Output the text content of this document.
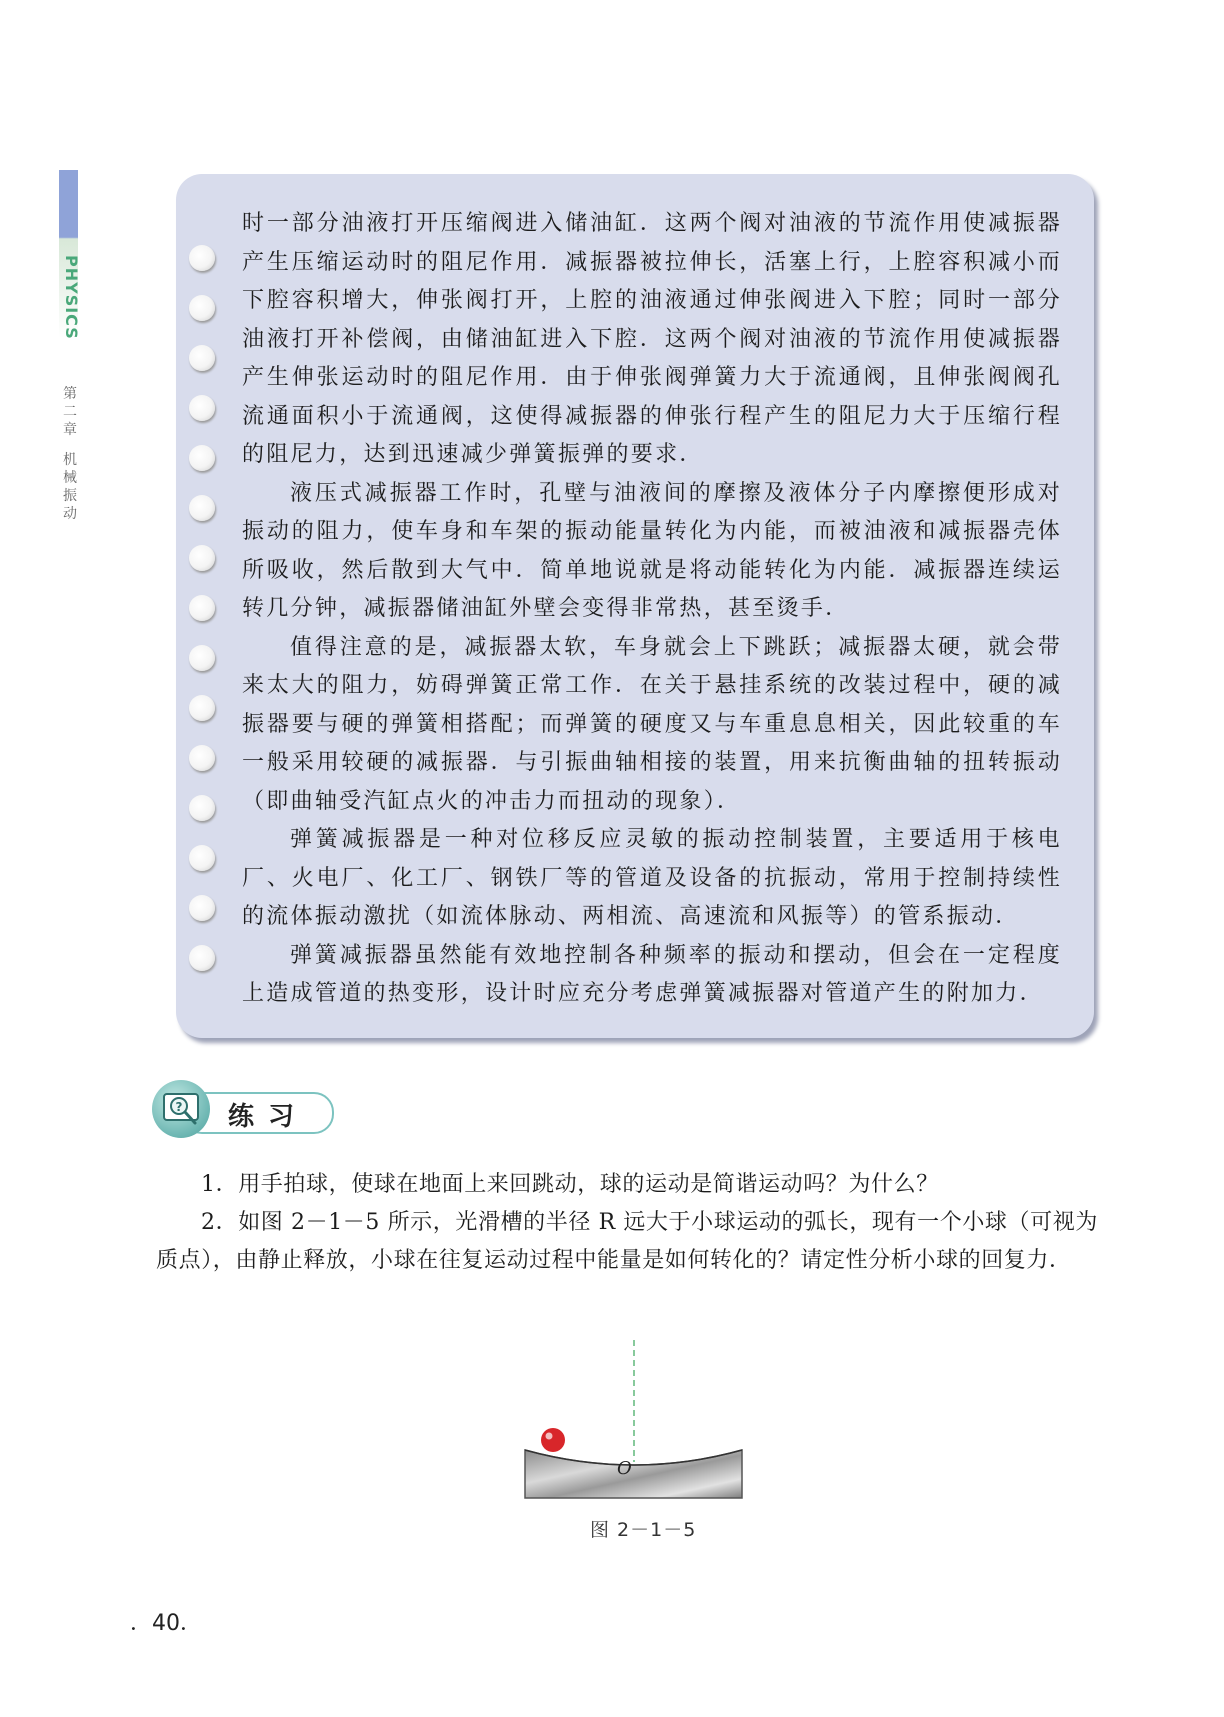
PHYSICS
第
二
章
机
械
振
动

时一部分油液打开压缩阀进入储油缸．这两个阀对油液的节流作用使减振器产生压缩运动时的阻尼作用．减振器被拉伸长，活塞上行，上腔容积减小而下腔容积增大，伸张阀打开，上腔的油液通过伸张阀进入下腔；同时一部分油液打开补偿阀，由储油缸进入下腔．这两个阀对油液的节流作用使减振器产生伸张运动时的阻尼作用．由于伸张阀弹簧力大于流通阀，且伸张阀阀孔流通面积小于流通阀，这使得减振器的伸张行程产生的阻尼力大于压缩行程的阻尼力，达到迅速减少弹簧振弹的要求．

液压式减振器工作时，孔壁与油液间的摩擦及液体分子内摩擦便形成对振动的阻力，使车身和车架的振动能量转化为内能，而被油液和减振器壳体所吸收，然后散到大气中．简单地说就是将动能转化为内能．减振器连续运转几分钟，减振器储油缸外壁会变得非常热，甚至烫手．

值得注意的是，减振器太软，车身就会上下跳跃；减振器太硬，就会带来太大的阻力，妨碍弹簧正常工作．在关于悬挂系统的改装过程中，硬的减振器要与硬的弹簧相搭配；而弹簧的硬度又与车重息息相关，因此较重的车一般采用较硬的减振器．与引振曲轴相接的装置，用来抗衡曲轴的扭转振动（即曲轴受汽缸点火的冲击力而扭动的现象）．

弹簧减振器是一种对位移反应灵敏的振动控制装置，主要适用于核电厂、火电厂、化工厂、钢铁厂等的管道及设备的抗振动，常用于控制持续性的流体振动激扰（如流体脉动、两相流、高速流和风振等）的管系振动．

弹簧减振器虽然能有效地控制各种频率的振动和摆动，但会在一定程度上造成管道的热变形，设计时应充分考虑弹簧减振器对管道产生的附加力．

? 练习

1．用手拍球，使球在地面上来回跳动，球的运动是简谐运动吗？为什么？

2．如图 2－1－5 所示，光滑槽的半径 R 远大于小球运动的弧长，现有一个小球（可视为质点），由静止释放，小球在往复运动过程中能量是如何转化的？请定性分析小球的回复力．

O
图 2－1－5
．40．
